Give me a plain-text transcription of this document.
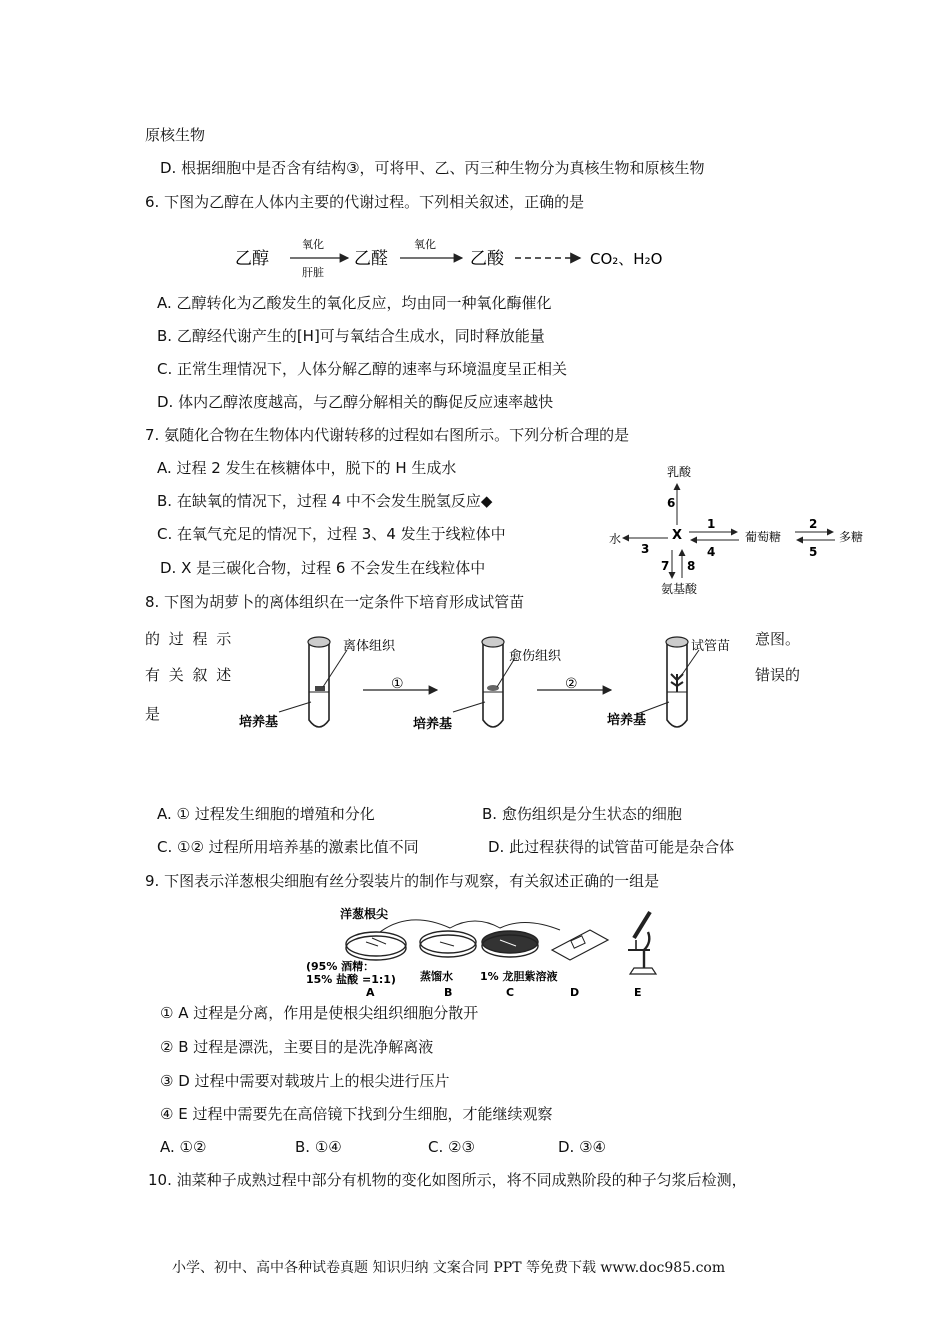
原核生物
D. 根据细胞中是否含有结构③，可将甲、乙、丙三种生物分为真核生物和原核生物
6. 下图为乙醇在人体内主要的代谢过程。下列相关叙述，正确的是
乙醇
氧化
肝脏
乙醛
氧化
乙酸	CO₂、H₂O
A. 乙醇转化为乙酸发生的氧化反应，均由同一种氧化酶催化
B. 乙醇经代谢产生的[H]可与氧结合生成水，同时释放能量
C. 正常生理情况下，人体分解乙醇的速率与环境温度呈正相关
D. 体内乙醇浓度越高，与乙醇分解相关的酶促反应速率越快
7. 氨随化合物在生物体内代谢转移的过程如右图所示。下列分析合理的是
A. 过程 2 发生在核糖体中，脱下的 H 生成水
B. 在缺氧的情况下，过程 4 中不会发生脱氢反应◆
C. 在氧气充足的情况下，过程 3、4 发生于线粒体中
D. X 是三碳化合物，过程 6 不会发生在线粒体中
乳酸
6
X
水
3
1
4
葡萄糖
2
5
多糖
7 8
氨基酸
8. 下图为胡萝卜的离体组织在一定条件下培育形成试管苗
的 过 程 示
有 关 叙 述
是
意图。
错误的
离体组织
培养基
①
愈伤组织
培养基
②
试管苗
培养基
A. ① 过程发生细胞的增殖和分化	B. 愈伤组织是分生状态的细胞
C. ①② 过程所用培养基的激素比值不同	D. 此过程获得的试管苗可能是杂合体
9. 下图表示洋葱根尖细胞有丝分裂装片的制作与观察，有关叙述正确的一组是
洋葱根尖
(95% 酒精：
15% 盐酸 =1:1)
A
蒸馏水
B
1% 龙胆紫溶液
C	D	E
① A 过程是分离，作用是使根尖组织细胞分散开
② B 过程是漂洗，主要目的是洗净解离液
③ D 过程中需要对载玻片上的根尖进行压片
④ E 过程中需要先在高倍镜下找到分生细胞，才能继续观察
A. ①②	B. ①④	C. ②③	D. ③④
10. 油菜种子成熟过程中部分有机物的变化如图所示，将不同成熟阶段的种子匀浆后检测，
小学、初中、高中各种试卷真题 知识归纳 文案合同 PPT 等免费下载 www.doc985.com
